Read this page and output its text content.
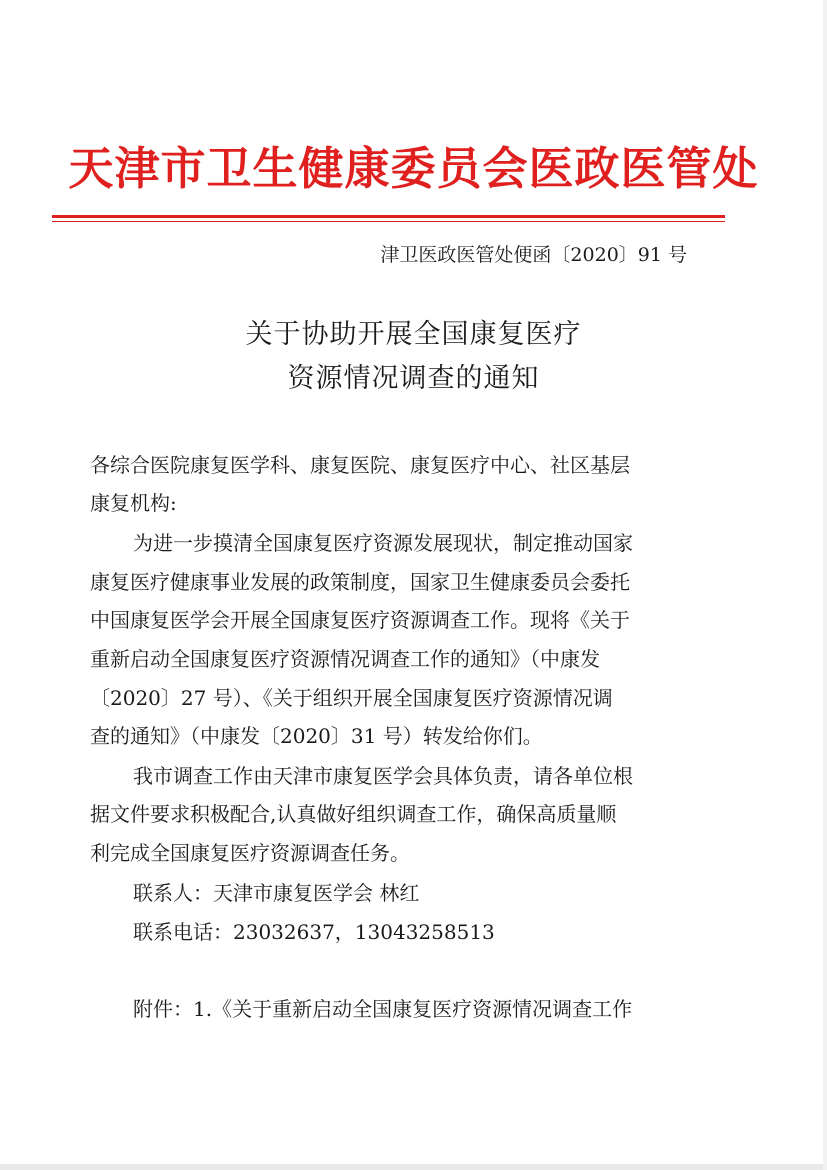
天津市卫生健康委员会医政医管处
津卫医政医管处便函〔2020〕91 号
关于协助开展全国康复医疗
资源情况调查的通知
各综合医院康复医学科、康复医院、康复医疗中心、社区基层
康复机构:
为进一步摸清全国康复医疗资源发展现状，制定推动国家
康复医疗健康事业发展的政策制度，国家卫生健康委员会委托
中国康复医学会开展全国康复医疗资源调查工作。现将《关于
重新启动全国康复医疗资源情况调查工作的通知》（中康发
〔2020〕27 号）、《关于组织开展全国康复医疗资源情况调
查的通知》（中康发〔2020〕31 号）转发给你们。
我市调查工作由天津市康复医学会具体负责，请各单位根
据文件要求积极配合,认真做好组织调查工作，确保高质量顺
利完成全国康复医疗资源调查任务。
联系人：天津市康复医学会 林红
联系电话：23032637，13043258513
附件：1.《关于重新启动全国康复医疗资源情况调查工作
